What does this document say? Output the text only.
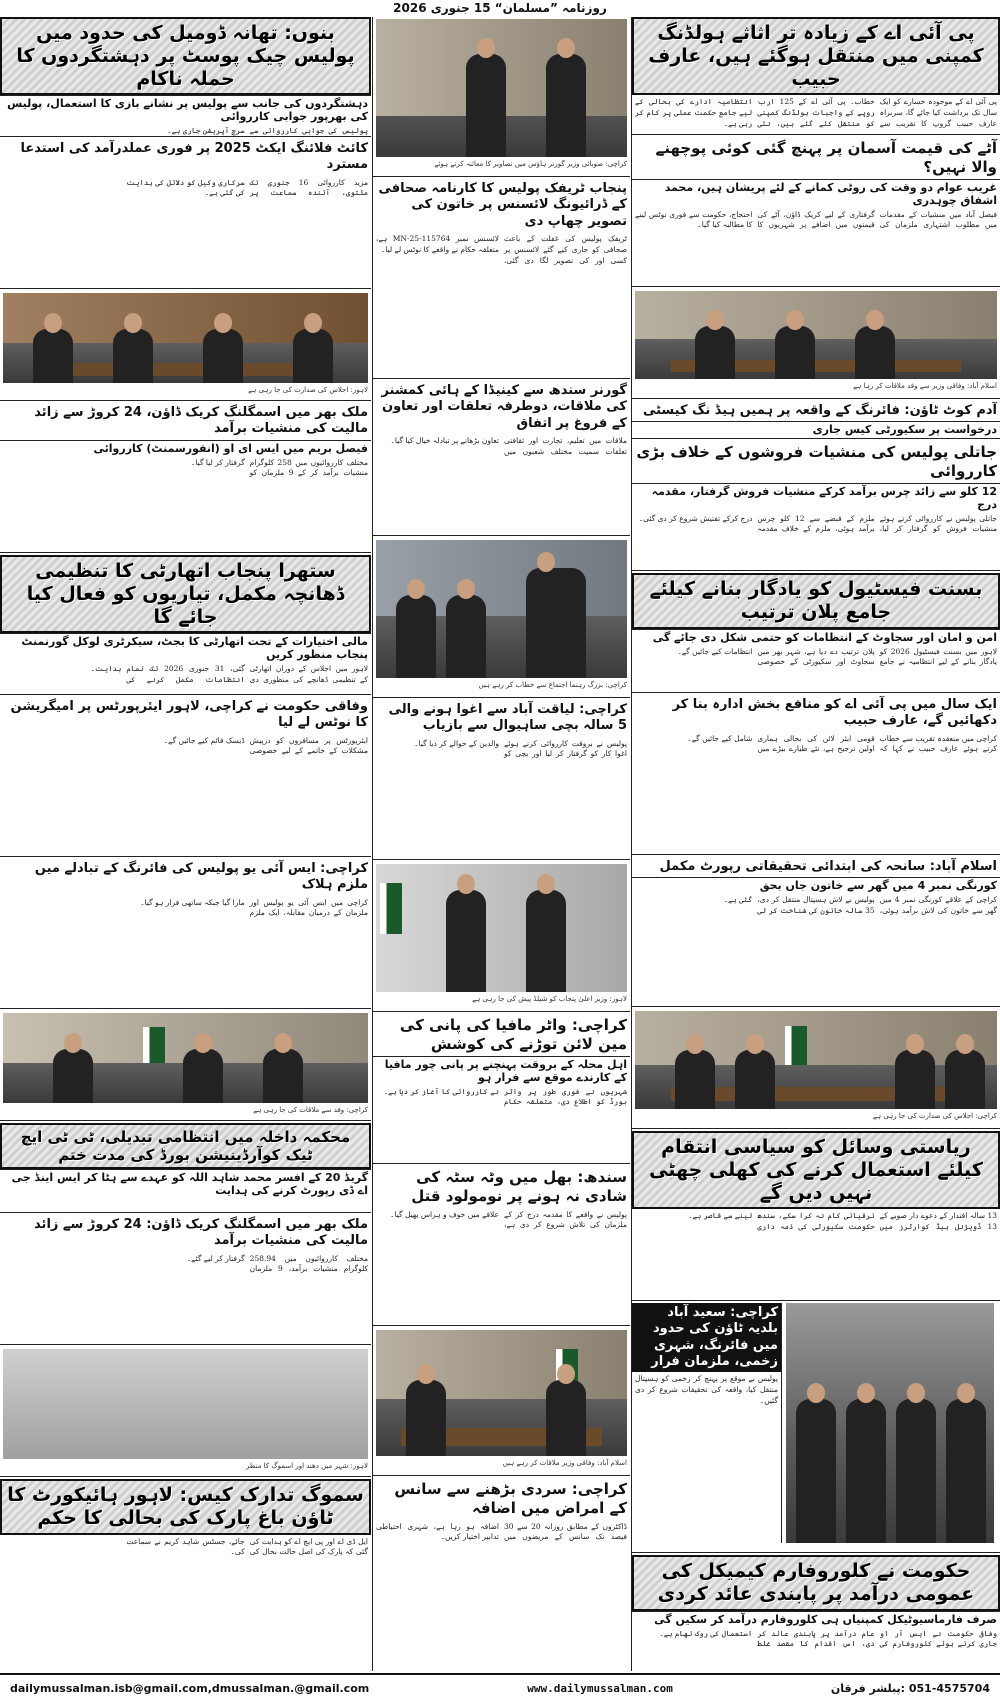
روزنامہ ”مسلمان“ 15 جنوری 2026
پی آئی اے کے زیادہ تر اثاثے ہولڈنگ کمپنی میں منتقل ہوگئے ہیں، عارف حبیب
پی آئی اے کے موجودہ خسارے کو ایک سال تک برداشت کیا جائے گا، سربراہ عارف حبیب گروپ کا تقریب سے خطاب۔ پی آئی اے کے 125 ارب روپے کے واجبات ہولڈنگ کمپنی کو منتقل کئے گئے ہیں، نئی انتظامیہ ادارے کی بحالی کے لیے جامع حکمت عملی پر کام کر رہی ہے۔
آٹے کی قیمت آسمان پر پہنچ گئی کوئی پوچھنے والا نہیں؟
غریب عوام دو وقت کی روٹی کمانے کے لئے پریشان ہیں، محمد اشفاق چوہدری
فیصل آباد میں منشیات کے مقدمات میں مطلوب اشتہاری ملزمان کی گرفتاری کے لیے کریک ڈاؤن، آٹے کی قیمتوں میں اضافے پر شہریوں کا احتجاج، حکومت سے فوری نوٹس لینے کا مطالبہ کیا گیا۔
اسلام آباد: وفاقی وزیر سے وفد ملاقات کر رہا ہے
آدم کوٹ ٹاؤن: فائرنگ کے واقعہ پر ہمیں ہیڈ نگ کیسٹی
درخواست پر سکیورٹی کیس جاری
جاتلی پولیس کی منشیات فروشوں کے خلاف بڑی کارروائی
12 کلو سے زائد چرس برآمد کرکے منشیات فروش گرفتار، مقدمہ درج
جاتلی پولیس نے کارروائی کرتے ہوئے منشیات فروش کو گرفتار کر لیا، ملزم کے قبضے سے 12 کلو چرس برآمد ہوئی، ملزم کے خلاف مقدمہ درج کرکے تفتیش شروع کر دی گئی۔
بسنت فیسٹیول کو یادگار بنانے کیلئے جامع پلان ترتیب
امن و امان اور سجاوٹ کے انتظامات کو حتمی شکل دی جائے گی
لاہور میں بسنت فیسٹیول 2026 کو یادگار بنانے کے لیے انتظامیہ نے جامع پلان ترتیب دے دیا ہے، شہر بھر میں سجاوٹ اور سکیورٹی کے خصوصی انتظامات کیے جائیں گے۔
ایک سال میں پی آئی اے کو منافع بخش ادارہ بنا کر دکھائیں گے، عارف حبیب
کراچی میں منعقدہ تقریب سے خطاب کرتے ہوئے عارف حبیب نے کہا کہ قومی ایئر لائن کی بحالی ہماری اولین ترجیح ہے، نئے طیارے بیڑے میں شامل کیے جائیں گے۔
اسلام آباد: سانحہ کی ابتدائی تحقیقاتی رپورٹ مکمل
کورنگی نمبر 4 میں گھر سے خاتون جاں بحق
کراچی کے علاقے کورنگی نمبر 4 میں گھر سے خاتون کی لاش برآمد ہوئی، پولیس نے لاش ہسپتال منتقل کر دی، 35 سالہ خاتون کی شناخت کر لی گئی ہے۔
کراچی: اجلاس کی صدارت کی جا رہی ہے
ریاستی وسائل کو سیاسی انتقام کیلئے استعمال کرنے کی کھلی چھٹی نہیں دیں گے
13 سالہ اقتدار کے دعوے دار صوبے کے 13 ڈویژنل ہیڈ کوارٹرز میں ترقیاتی کام نہ کرا سکے، سندھ حکومت سکیورٹی کی ذمہ داری لینے سے قاصر ہے۔
کراچی: سعید آباد بلدیہ ٹاؤن کی حدود میں فائرنگ، شہری زخمی، ملزمان فرار
پولیس نے موقع پر پہنچ کر زخمی کو ہسپتال منتقل کیا، واقعہ کی تحقیقات شروع کر دی گئیں۔
حکومت نے کلوروفارم کیمیکل کی عمومی درآمد پر پابندی عائد کردی
صرف فارماسیوٹیکل کمپنیاں ہی کلوروفارم درآمد کر سکیں گی
وفاقی حکومت نے ایس آر او جاری کرتے ہوئے کلوروفارم کی عام درآمد پر پابندی عائد کر دی، اس اقدام کا مقصد غلط استعمال کی روک تھام ہے۔
کراچی: صوبائی وزیر گورنر ہاؤس میں تصاویر کا معائنہ کرتے ہوئے
پنجاب ٹریفک پولیس کا کارنامہ صحافی کے ڈرائیونگ لائسنس پر خاتون کی تصویر چھاپ دی
ٹریفک پولیس کی غفلت کے باعث صحافی کو جاری کیے گئے لائسنس پر کسی اور کی تصویر لگا دی گئی، لائسنس نمبر 115764-MN-25 ہے، متعلقہ حکام نے واقعے کا نوٹس لے لیا۔
گورنر سندھ سے کینیڈا کے ہائی کمشنر کی ملاقات، دوطرفہ تعلقات اور تعاون کے فروغ پر اتفاق
ملاقات میں تعلیم، تجارت اور ثقافتی تعلقات سمیت مختلف شعبوں میں تعاون بڑھانے پر تبادلہ خیال کیا گیا۔
کراچی: بزرگ رہنما اجتماع سے خطاب کر رہے ہیں
کراچی: لیاقت آباد سے اغوا ہونے والی 5 سالہ بچی ساہیوال سے بازیاب
پولیس نے بروقت کارروائی کرتے ہوئے اغوا کار کو گرفتار کر لیا اور بچی کو والدین کے حوالے کر دیا گیا۔
لاہور: وزیر اعلیٰ پنجاب کو شیلڈ پیش کی جا رہی ہے
کراچی: واٹر مافیا کی پانی کی مین لائن توڑنے کی کوشش
اہل محلہ کے بروقت پہنچنے پر پانی چور مافیا کے کارندے موقع سے فرار ہو
شہریوں نے فوری طور پر واٹر بورڈ کو اطلاع دی، متعلقہ حکام نے کارروائی کا آغاز کر دیا ہے۔
سندھ: بھل میں وٹہ سٹہ کی شادی نہ ہونے پر نومولود قتل
پولیس نے واقعے کا مقدمہ درج کر کے ملزمان کی تلاش شروع کر دی ہے، علاقے میں خوف و ہراس پھیل گیا۔
اسلام آباد: وفاقی وزیر ملاقات کر رہے ہیں
کراچی: سردی بڑھنے سے سانس کے امراض میں اضافہ
ڈاکٹروں کے مطابق روزانہ 20 سے 30 فیصد تک سانس کے مریضوں میں اضافہ ہو رہا ہے، شہری احتیاطی تدابیر اختیار کریں۔
بنوں: تھانہ ڈومیل کی حدود میں پولیس چیک پوسٹ پر دہشتگردوں کا حملہ ناکام
دہشتگردوں کی جانب سے پولیس پر نشانے بازی کا استعمال، پولیس کی بھرپور جوابی کارروائی
پولیس کی جوابی کارروائی سے سرچ آپریشن جاری ہے۔
کائٹ فلائنگ ایکٹ 2025 پر فوری عملدرآمد کی استدعا مسترد
مزید کارروائی 16 جنوری تک ملتوی، آئندہ سماعت پر سرکاری وکیل کو دلائل کی ہدایت کی گئی ہے۔
لاہور: اجلاس کی صدارت کی جا رہی ہے
ملک بھر میں اسمگلنگ کریک ڈاؤن، 24 کروڑ سے زائد مالیت کی منشیات برآمد
فیصل بریم میں ایس ای او (انفورسمنٹ) کارروائی
مختلف کارروائیوں میں 258 کلوگرام منشیات برآمد کر کے 9 ملزمان کو گرفتار کر لیا گیا۔
ستھرا پنجاب اتھارٹی کا تنظیمی ڈھانچہ مکمل، تیاریوں کو فعال کیا جائے گا
مالی اختیارات کے تحت اتھارٹی کا بجٹ، سیکرٹری لوکل گورنمنٹ پنجاب منظور کریں
لاہور میں اجلاس کے دوران اتھارٹی کے تنظیمی ڈھانچے کی منظوری دی گئی، 31 جنوری 2026 تک تمام انتظامات مکمل کرنے کی ہدایت۔
وفاقی حکومت نے کراچی، لاہور ایئرپورٹس پر امیگریشن کا نوٹس لے لیا
ایئرپورٹس پر مسافروں کو درپیش مشکلات کے خاتمے کے لیے خصوصی ڈیسک قائم کیے جائیں گے۔
کراچی: ایس آئی یو پولیس کی فائرنگ کے تبادلے میں ملزم ہلاک
کراچی میں ایس آئی یو پولیس اور ملزمان کے درمیان مقابلہ، ایک ملزم مارا گیا جبکہ ساتھی فرار ہو گیا۔
کراچی: وفد سے ملاقات کی جا رہی ہے
محکمہ داخلہ میں انتظامی تبدیلی، ٹی ٹی ایچ ٹیک کوآرڈینیشن بورڈ کی مدت ختم
گریڈ 20 کے افسر محمد شاہد اللہ کو عہدے سے ہٹا کر ایس اینڈ جی اے ڈی رپورٹ کرنے کی ہدایت
ملک بھر میں اسمگلنگ کریک ڈاؤن: 24 کروڑ سے زائد مالیت کی منشیات برآمد
مختلف کارروائیوں میں 258.94 کلوگرام منشیات برآمد، 9 ملزمان گرفتار کر لیے گئے۔
لاہور: شہر میں دھند اور اسموگ کا منظر
سموگ تدارک کیس: لاہور ہائیکورٹ کا ٹاؤن باغ پارک کی بحالی کا حکم
ایل ڈی اے اور پی ایچ اے کو ہدایت کی گئی کہ پارک کی اصل حالت بحال کی جائے، جسٹس شاہد کریم نے سماعت کی۔
dailymussalman.isb@gmail.com,dmussalman.@gmail.com	www.dailymussalman.com	051-4575704 :پبلشر فرقان
